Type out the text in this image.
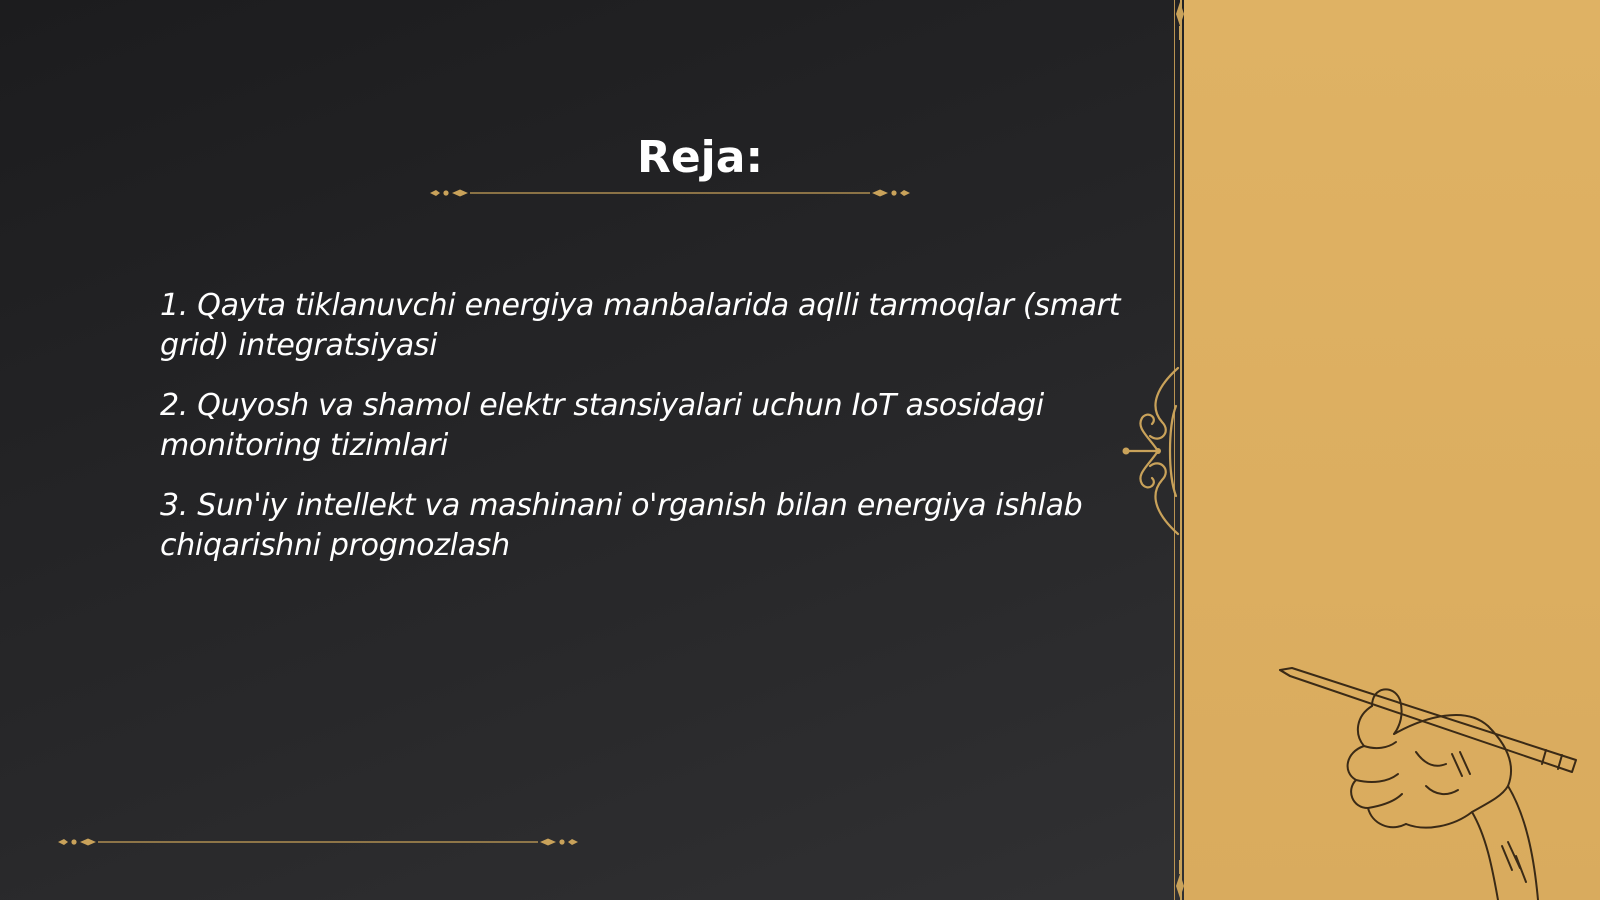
Reja:
1. Qayta tiklanuvchi energiya manbalarida aqlli tarmoqlar (smart grid) integratsiyasi
2. Quyosh va shamol elektr stansiyalari uchun IoT asosidagi monitoring tizimlari
3. Sun'iy intellekt va mashinani o'rganish bilan energiya ishlab chiqarishni prognozlash
